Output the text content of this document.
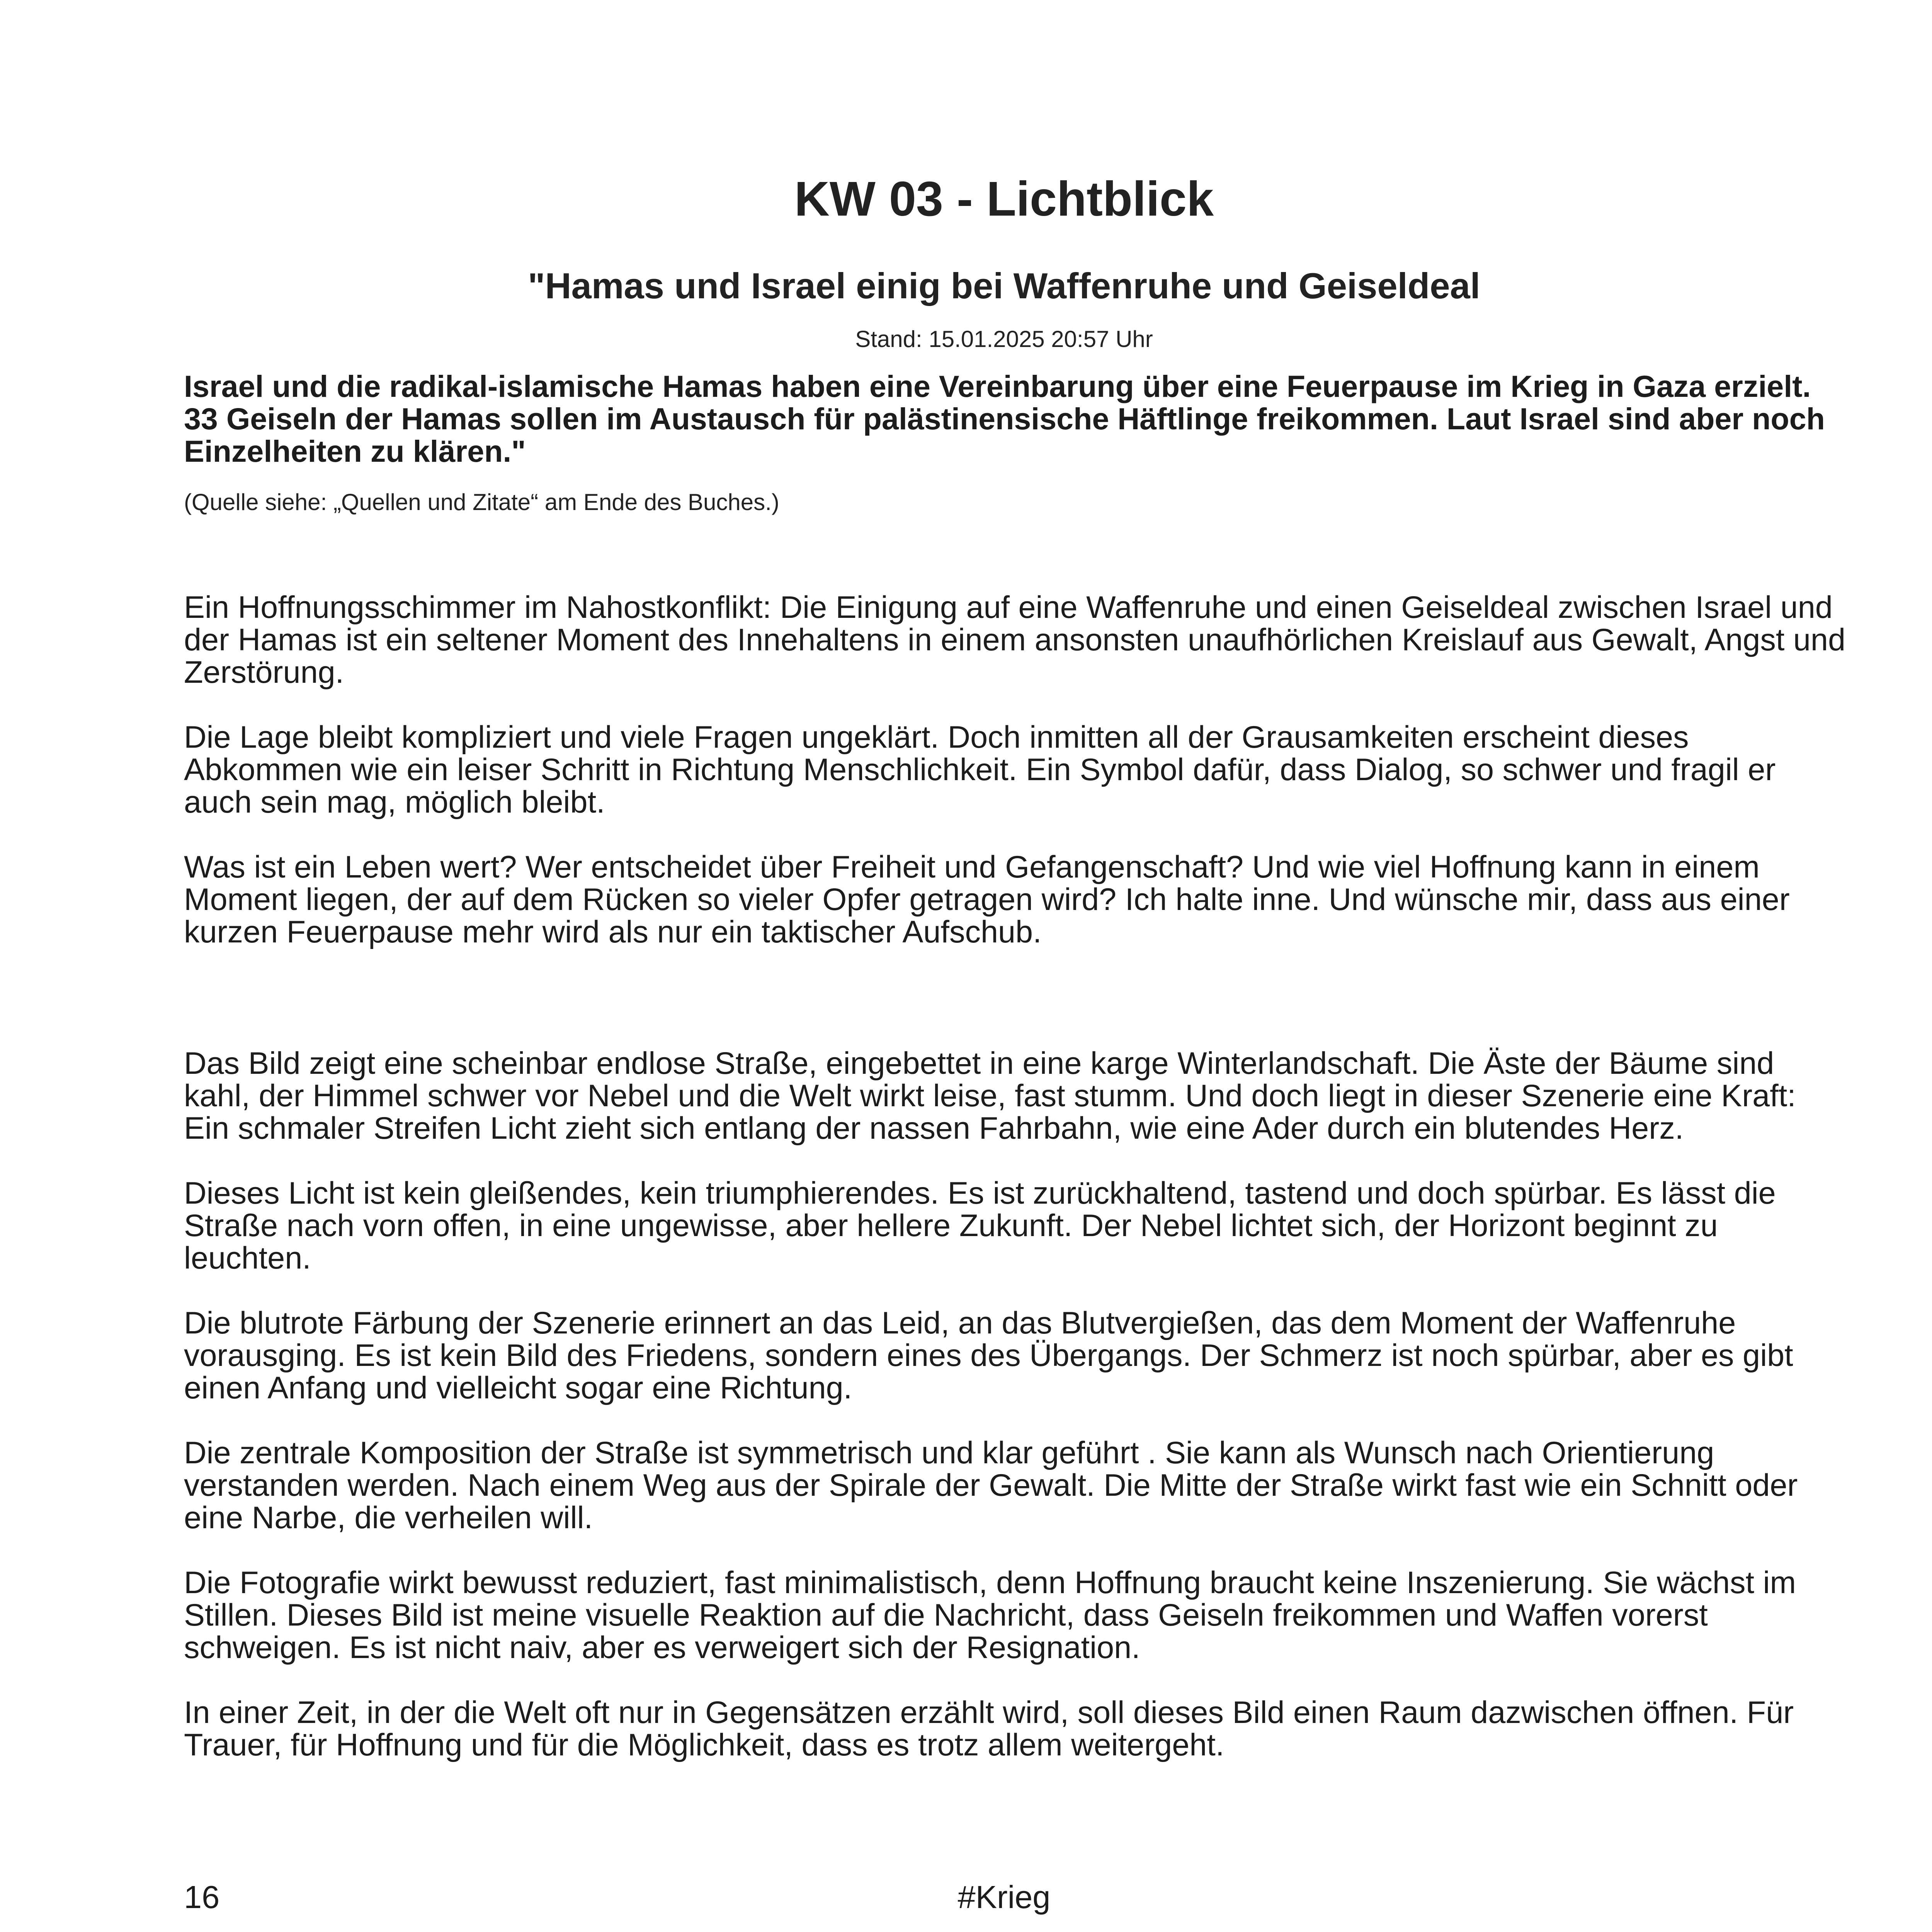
KW 03 - Lichtblick
"Hamas und Israel einig bei Waffenruhe und Geiseldeal

Stand: 15.01.2025 20:57 Uhr

Israel und die radikal-islamische Hamas haben eine Vereinbarung über eine Feuerpause im Krieg in Gaza erzielt. 33 Geiseln der Hamas sollen im Austausch für palästinensische Häftlinge freikommen. Laut Israel sind aber noch Einzelheiten zu klären."

(Quelle siehe: „Quellen und Zitate“ am Ende des Buches.)

Ein Hoffnungsschimmer im Nahostkonflikt: Die Einigung auf eine Waffenruhe und einen Geiseldeal zwischen Israel und der Hamas ist ein seltener Moment des Innehaltens in einem ansonsten unaufhörlichen Kreislauf aus Gewalt, Angst und Zerstörung.

Die Lage bleibt kompliziert und viele Fragen ungeklärt. Doch inmitten all der Grausamkeiten erscheint dieses Abkommen wie ein leiser Schritt in Richtung Menschlichkeit. Ein Symbol dafür, dass Dialog, so schwer und fragil er auch sein mag, möglich bleibt.

Was ist ein Leben wert? Wer entscheidet über Freiheit und Gefangenschaft? Und wie viel Hoffnung kann in einem Moment liegen, der auf dem Rücken so vieler Opfer getragen wird? Ich halte inne. Und wünsche mir, dass aus einer kurzen Feuerpause mehr wird als nur ein taktischer Aufschub.

Das Bild zeigt eine scheinbar endlose Straße, eingebettet in eine karge Winterlandschaft. Die Äste der Bäume sind kahl, der Himmel schwer vor Nebel und die Welt wirkt leise, fast stumm. Und doch liegt in dieser Szenerie eine Kraft: Ein schmaler Streifen Licht zieht sich entlang der nassen Fahrbahn, wie eine Ader durch ein blutendes Herz.

Dieses Licht ist kein gleißendes, kein triumphierendes. Es ist zurückhaltend, tastend und doch spürbar. Es lässt die Straße nach vorn offen, in eine ungewisse, aber hellere Zukunft. Der Nebel lichtet sich, der Horizont beginnt zu leuchten.

Die blutrote Färbung der Szenerie erinnert an das Leid, an das Blutvergießen, das dem Moment der Waffenruhe vorausging. Es ist kein Bild des Friedens, sondern eines des Übergangs. Der Schmerz ist noch spürbar, aber es gibt einen Anfang und vielleicht sogar eine Richtung.

Die zentrale Komposition der Straße ist symmetrisch und klar geführt . Sie kann als Wunsch nach Orientierung verstanden werden. Nach einem Weg aus der Spirale der Gewalt. Die Mitte der Straße wirkt fast wie ein Schnitt oder eine Narbe, die verheilen will.

Die Fotografie wirkt bewusst reduziert, fast minimalistisch, denn Hoffnung braucht keine Inszenierung. Sie wächst im Stillen. Dieses Bild ist meine visuelle Reaktion auf die Nachricht, dass Geiseln freikommen und Waffen vorerst schweigen. Es ist nicht naiv, aber es verweigert sich der Resignation.

In einer Zeit, in der die Welt oft nur in Gegensätzen erzählt wird, soll dieses Bild einen Raum dazwischen öffnen. Für Trauer, für Hoffnung und für die Möglichkeit, dass es trotz allem weitergeht.

16	#Krieg
